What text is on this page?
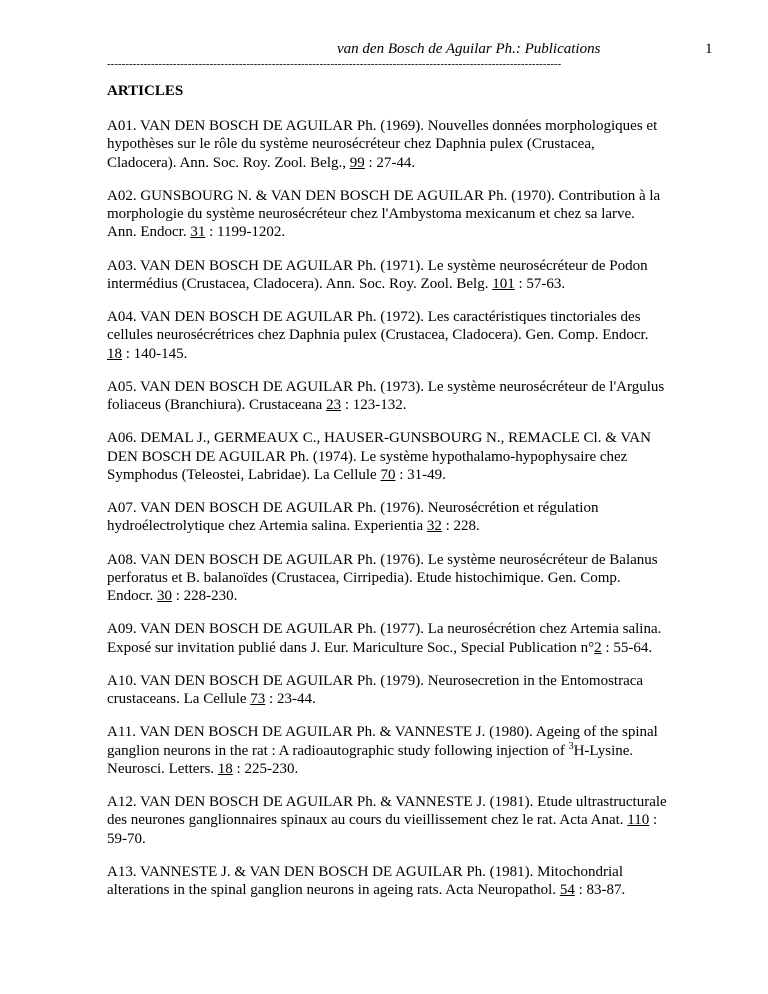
van den Bosch de Aguilar Ph.: Publications	1
----------------------------------------------------------------------------------------------------------------------------
ARTICLES

A01. VAN DEN BOSCH DE AGUILAR Ph. (1969). Nouvelles données morphologiques et hypothèses sur le rôle du système neurosécréteur chez Daphnia pulex (Crustacea, Cladocera). Ann. Soc. Roy. Zool. Belg., 99 : 27-44.

A02. GUNSBOURG N. & VAN DEN BOSCH DE AGUILAR Ph. (1970). Contribution à la morphologie du système neurosécréteur chez l'Ambystoma mexicanum et chez sa larve. Ann. Endocr. 31 : 1199-1202.

A03. VAN DEN BOSCH DE AGUILAR Ph. (1971). Le système neurosécréteur de Podon intermédius (Crustacea, Cladocera). Ann. Soc. Roy. Zool. Belg. 101 : 57-63.

A04. VAN DEN BOSCH DE AGUILAR Ph. (1972). Les caractéristiques tinctoriales des cellules neurosécrétrices chez Daphnia pulex (Crustacea, Cladocera). Gen. Comp. Endocr. 18 : 140-145.

A05. VAN DEN BOSCH DE AGUILAR Ph. (1973). Le système neurosécréteur de l'Argulus foliaceus (Branchiura). Crustaceana 23 : 123-132.

A06. DEMAL J., GERMEAUX C., HAUSER-GUNSBOURG N., REMACLE Cl. & VAN DEN BOSCH DE AGUILAR Ph. (1974). Le système hypothalamo-hypophysaire chez Symphodus (Teleostei, Labridae). La Cellule 70 : 31-49.

A07. VAN DEN BOSCH DE AGUILAR Ph. (1976). Neurosécrétion et régulation hydroélectrolytique chez Artemia salina. Experientia 32 : 228.

A08. VAN DEN BOSCH DE AGUILAR Ph. (1976). Le système neurosécréteur de Balanus perforatus et B. balanoïdes (Crustacea, Cirripedia). Etude histochimique. Gen. Comp. Endocr. 30 : 228-230.

A09. VAN DEN BOSCH DE AGUILAR Ph. (1977). La neurosécrétion chez Artemia salina. Exposé sur invitation publié dans J. Eur. Mariculture Soc., Special Publication n°2 : 55-64.

A10. VAN DEN BOSCH DE AGUILAR Ph. (1979). Neurosecretion in the Entomostraca crustaceans. La Cellule 73 : 23-44.

A11. VAN DEN BOSCH DE AGUILAR Ph. & VANNESTE J. (1980). Ageing of the spinal ganglion neurons in the rat : A radioautographic study following injection of $^3$H-Lysine. Neurosci. Letters. 18 : 225-230.

A12. VAN DEN BOSCH DE AGUILAR Ph. & VANNESTE J. (1981). Etude ultrastructurale des neurones ganglionnaires spinaux au cours du vieillissement chez le rat. Acta Anat. 110 : 59-70.

A13. VANNESTE J. & VAN DEN BOSCH DE AGUILAR Ph. (1981). Mitochondrial alterations in the spinal ganglion neurons in ageing rats. Acta Neuropathol. 54 : 83-87.
